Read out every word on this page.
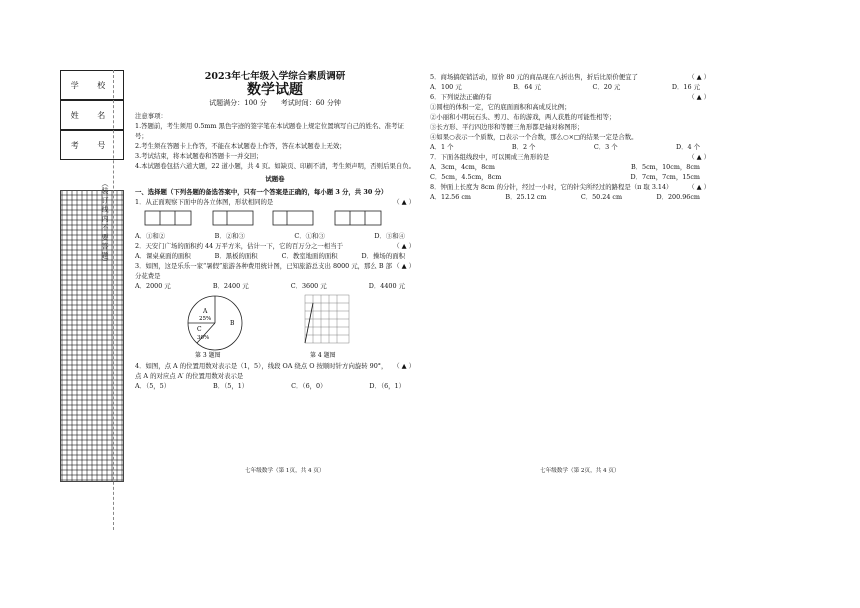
学 校
姓 名
考 号
（装 订 线 内 不 要 答 题）
2023年七年级入学综合素质调研
数学试题
试题满分：100 分　　考试时间：60 分钟
注意事项：
1.答题前，考生须用 0.5mm 黑色字迹的签字笔在本试题卷上规定位置填写自己的姓名、准考证号；
2.考生须在答题卡上作答，不能在本试题卷上作答，答在本试题卷上无效；
3.考试结束，将本试题卷和答题卡一并交回；
4.本试题卷包括六道大题，22 道小题，共 4 页。如缺页、印刷不清，考生须声明，否则后果自负。
试题卷
一、选择题（下列各题的备选答案中，只有一个答案是正确的，每小题 3 分，共 30 分）
（ ▲ ）
1．从正面观察下面中的各立体图，形状相同的是
A．①和②	B．②和③	C．①和③	D．③和④
（ ▲ ）
2．天安门广场的面积约 44 万平方米，估计一下，它的百万分之一相当于
A．课桌桌面的面积	B．黑板的面积	C．教室地面的面积	D．操场的面积
（ ▲ ）
3．如图，这是乐乐一家“暑假”旅游各种费用统计图，已知旅游总支出 8000 元，那么 B 部分花费是
A．2000 元	B．2400 元	C．3600 元	D．4400 元
A
25%
B
C
30%
第 3 题图	第 4 题图
（ ▲ ）
4．如图，点 A 的位置用数对表示是（1，5），线段 OA 绕点 O 按顺时针方向旋转 90°，点 A 的对应点 A′ 的位置用数对表示是
A．（5，5）	B．（5，1）	C．（6，0）	D．（6，1）
七年级数学（第 1页，共 4 页）
（ ▲ ）
5．商场搞促销活动，原价 80 元的商品现在八折出售，折后比原价便宜了
A．100 元	B．64 元	C．20 元	D．16 元
（ ▲ ）
6．下列说法正确的有
①圆柱的体积一定，它的底面面积和高成反比例；
②小丽和小明玩石头、剪刀、布的游戏，两人获胜的可能性相等；
③长方形、平行四边形和等腰三角形都是轴对称图形；
④如果○表示一个质数，□表示一个合数，那么○×□的结果一定是合数。
A．1 个	B．2 个	C．3 个	D．4 个
（ ▲ ）
7．下面各组线段中，可以围成三角形的是
A．3cm，4cm，8cm	B．5cm，10cm，8cm
C．5cm，4.5cm，8cm	D．7cm，7cm，15cm
（ ▲ ）
8．钟面上长度为 8cm 的分针，经过一小时，它的针尖所经过的路程是（π 取 3.14）
A．12.56 cm	B．25.12 cm	C．50.24 cm	D．200.96cm
七年级数学（第 2页，共 4 页）
